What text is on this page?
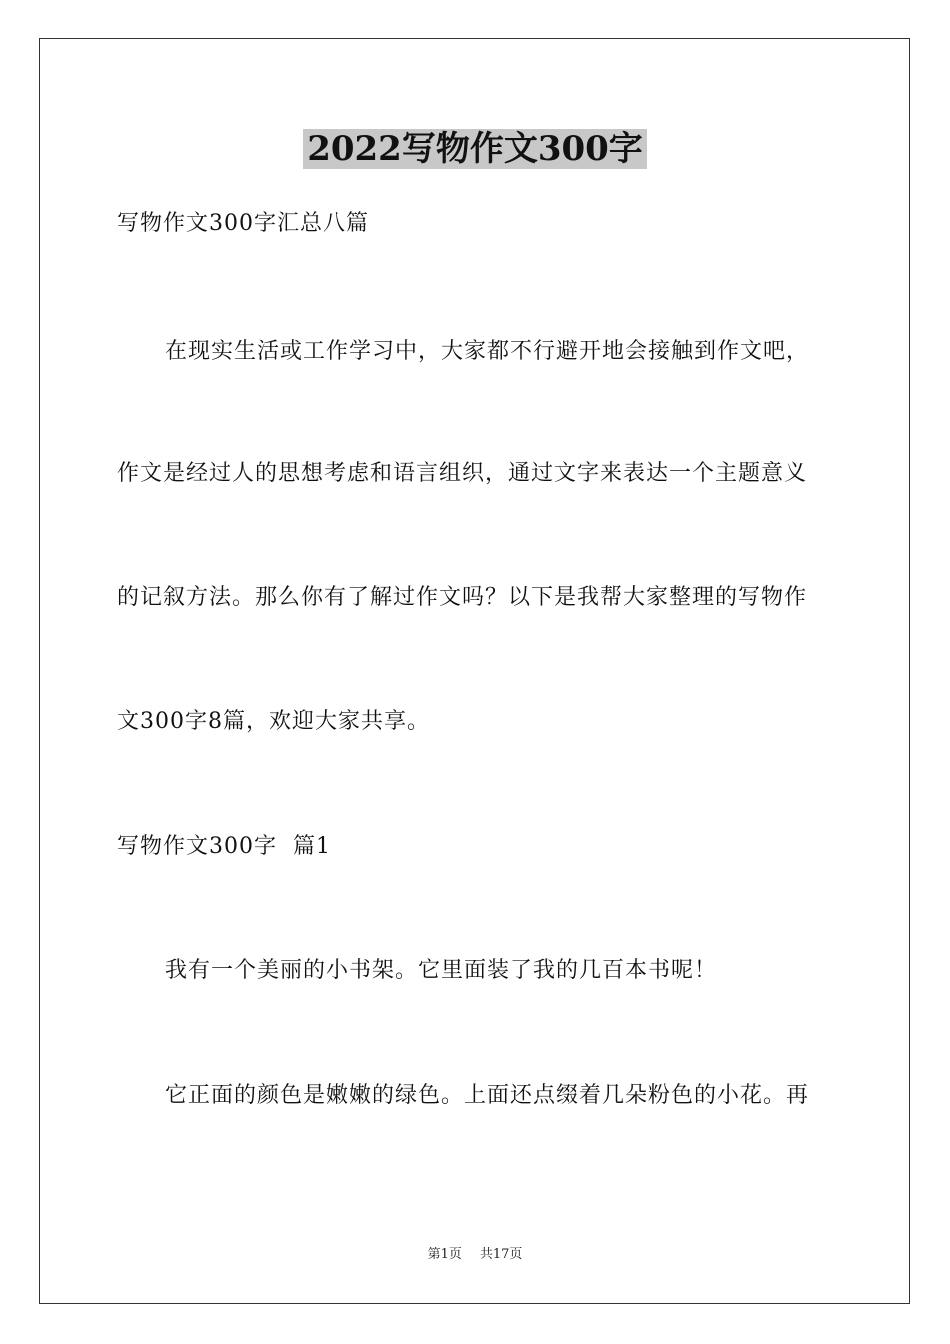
2022写物作文300字
写物作文300字汇总八篇
在现实生活或工作学习中，大家都不行避开地会接触到作文吧，
作文是经过人的思想考虑和语言组织，通过文字来表达一个主题意义
的记叙方法。那么你有了解过作文吗？以下是我帮大家整理的写物作
文300字8篇，欢迎大家共享。
写物作文300字  篇1
我有一个美丽的小书架。它里面装了我的几百本书呢！
它正面的颜色是嫩嫩的绿色。上面还点缀着几朵粉色的小花。再
第1页 共17页
